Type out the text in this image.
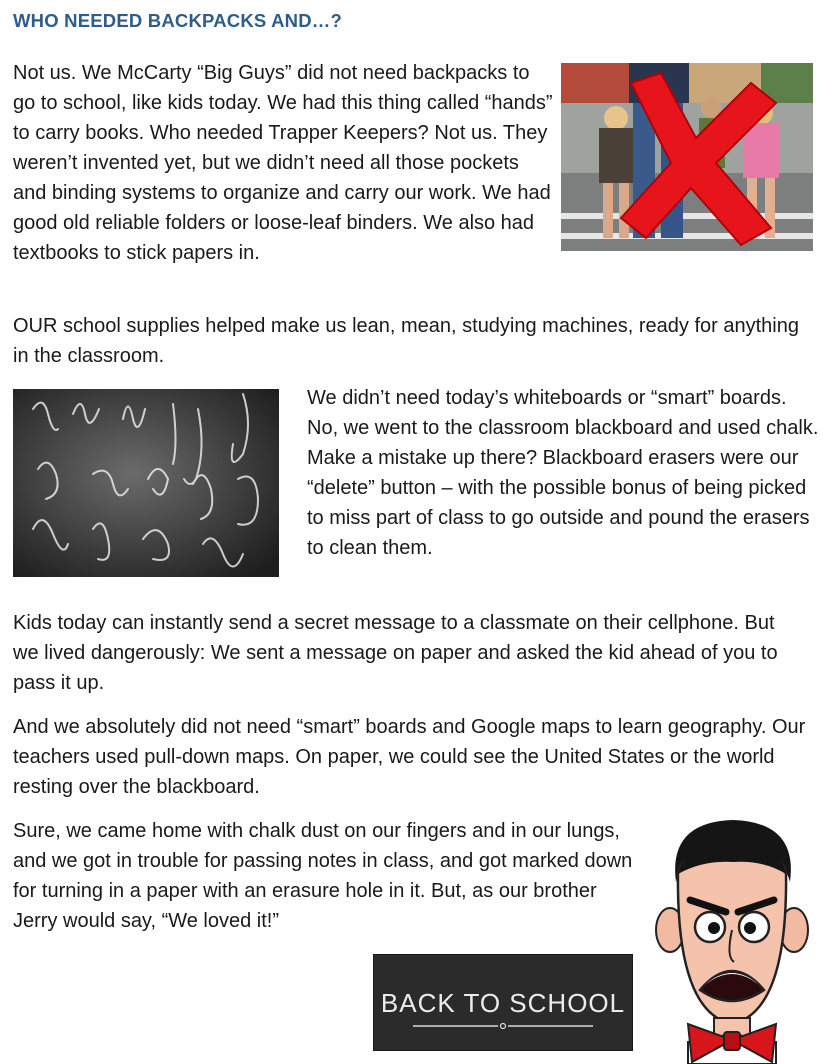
WHO NEEDED BACKPACKS AND…?
Not us. We McCarty “Big Guys” did not need backpacks to go to school, like kids today. We had this thing called “hands” to carry books. Who needed Trapper Keepers? Not us. They weren’t invented yet, but we didn’t need all those pockets and binding systems to organize and carry our work. We had good old reliable folders or loose-leaf binders. We also had textbooks to stick papers in.

OUR school supplies helped make us lean, mean, studying machines, ready for anything in the classroom.

We didn’t need today’s whiteboards or “smart” boards. No, we went to the classroom blackboard and used chalk. Make a mistake up there? Blackboard erasers were our “delete” button – with the possible bonus of being picked to miss part of class to go outside and pound the erasers to clean them.

Kids today can instantly send a secret message to a classmate on their cellphone. But we lived dangerously: We sent a message on paper and asked the kid ahead of you to pass it up.

And we absolutely did not need “smart” boards and Google maps to learn geography. Our teachers used pull-down maps. On paper, we could see the United States or the world resting over the blackboard.

Sure, we came home with chalk dust on our fingers and in our lungs, and we got in trouble for passing notes in class, and got marked down for turning in a paper with an erasure hole in it. But, as our brother Jerry would say, “We loved it!”

BACK TO SCHOOL
